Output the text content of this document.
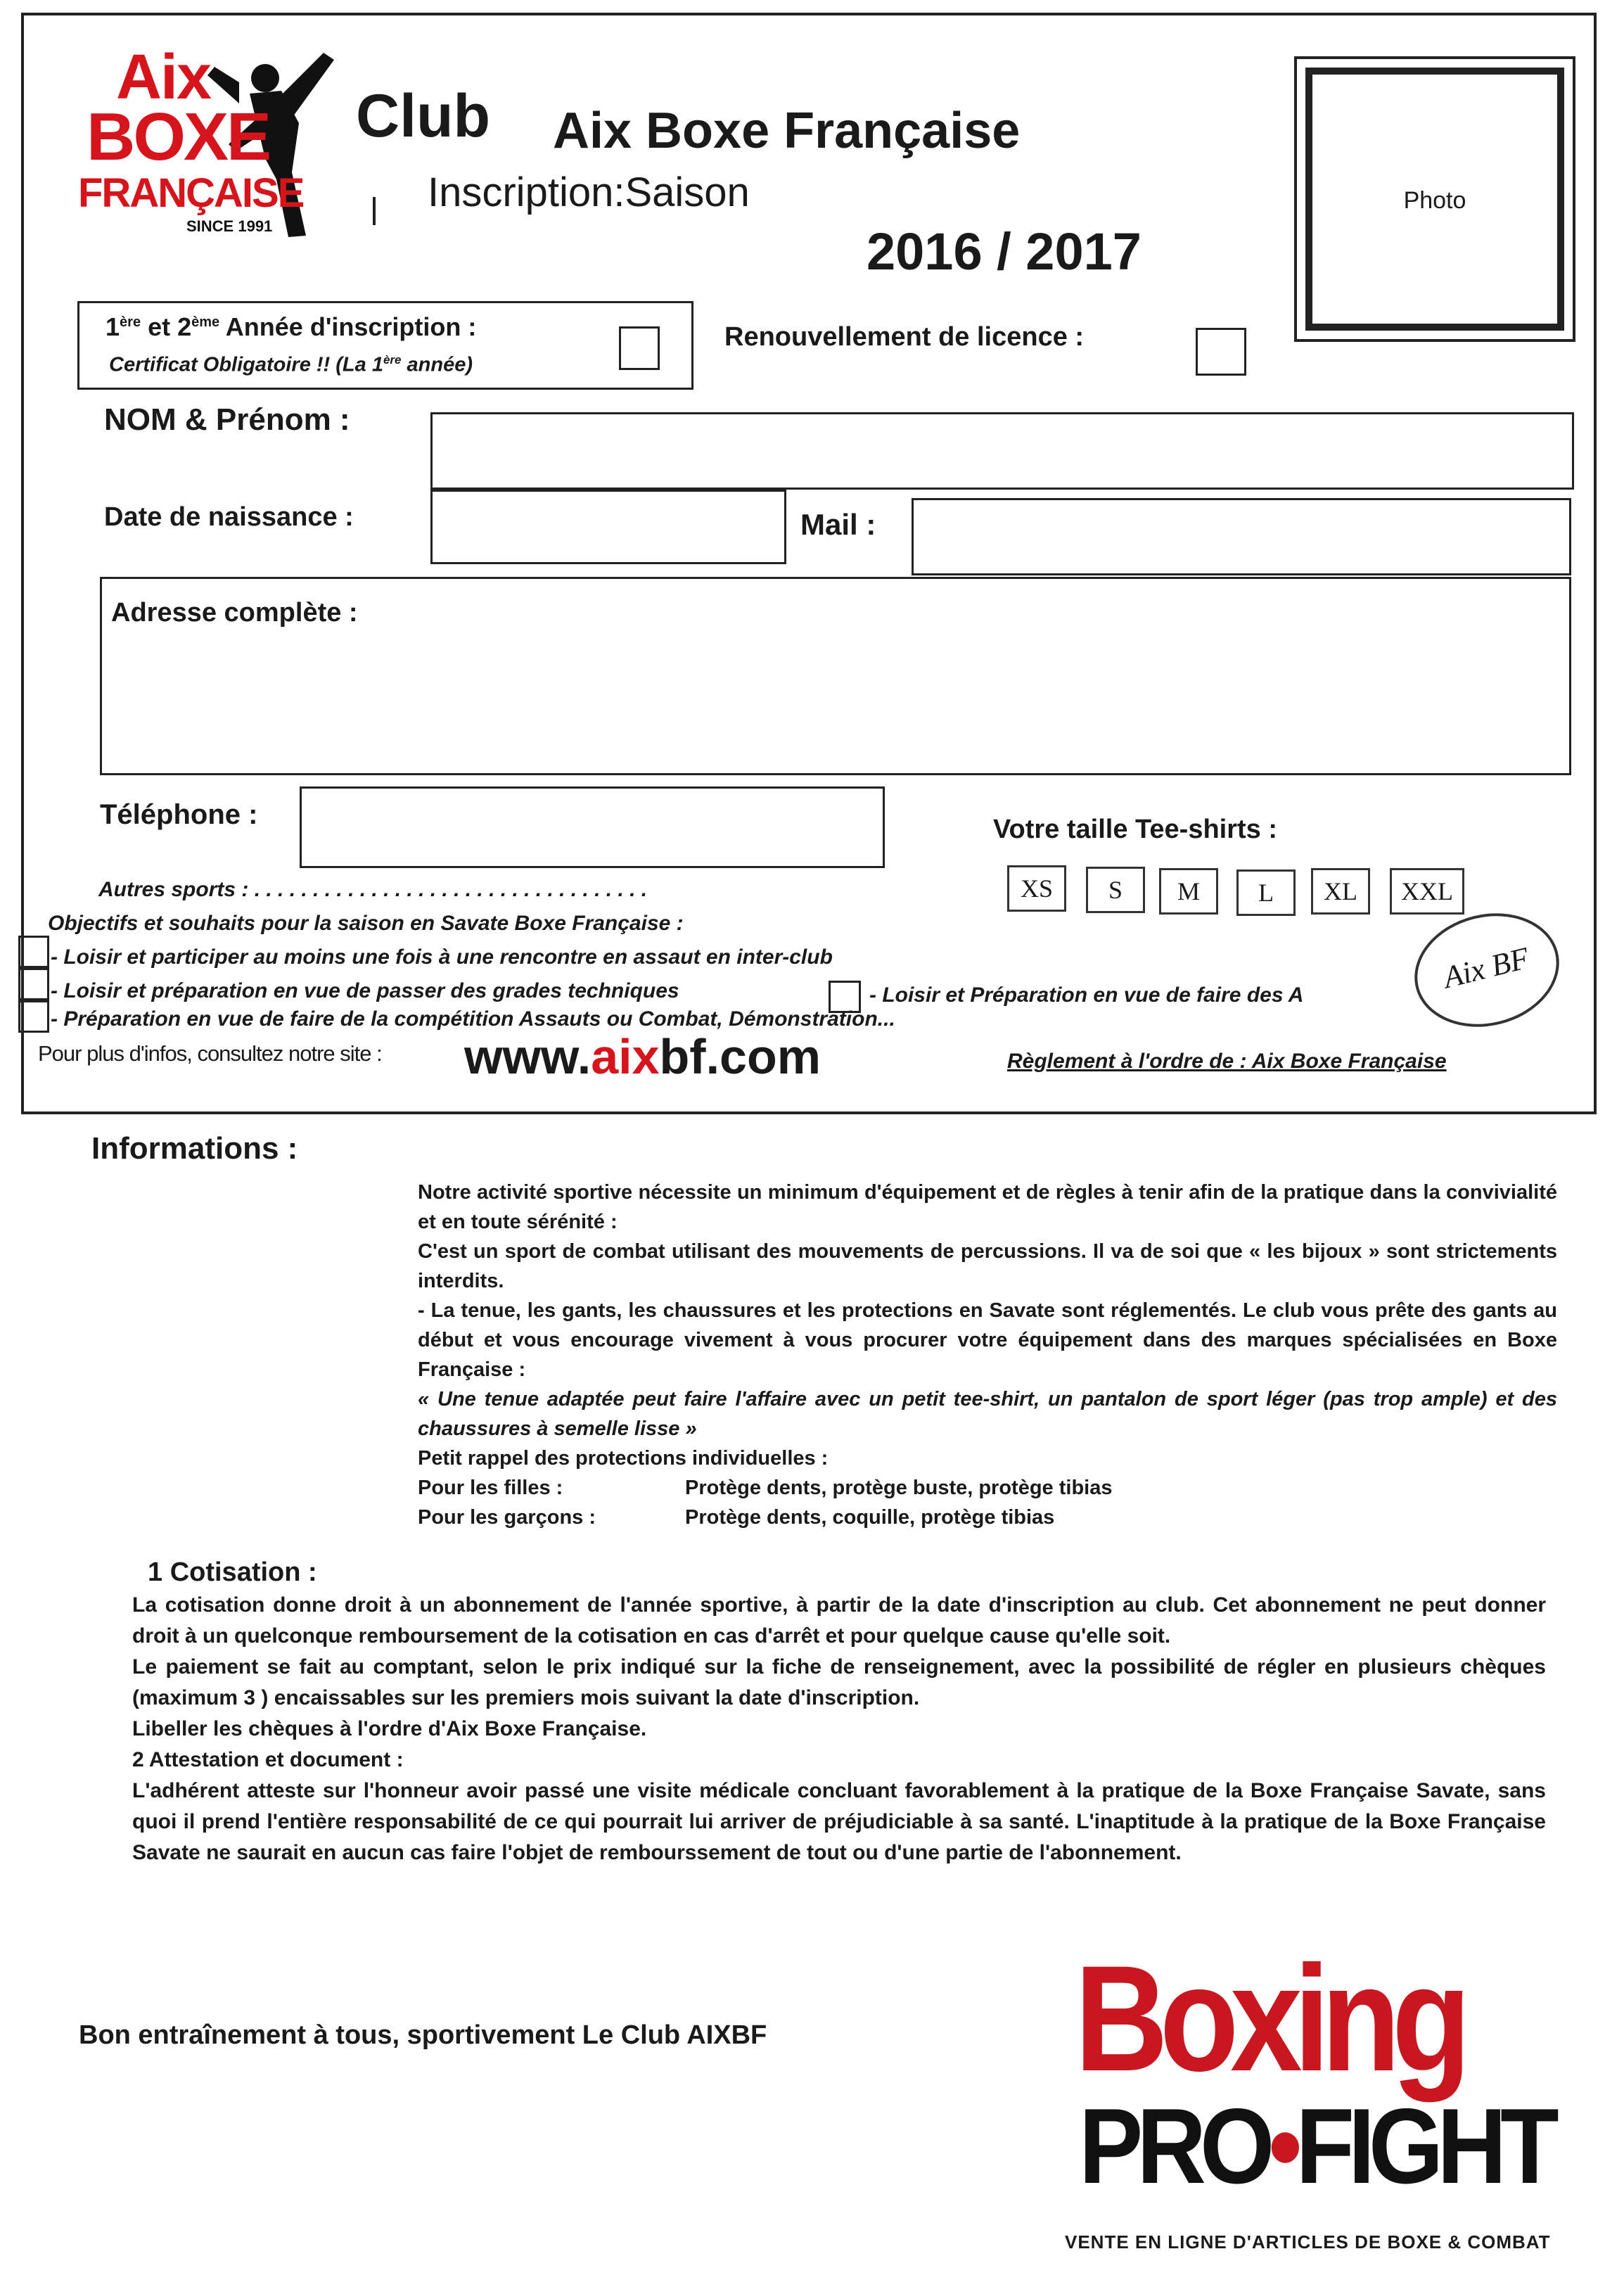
Aix
BOXE
FRANÇAISE
SINCE 1991
Club Aix Boxe Française
Inscription:Saison
2016 / 2017
Photo
1ère et 2ème Année d'inscription :
Certificat Obligatoire !! (La 1ère année)
Renouvellement de licence :
NOM & Prénom :
Date de naissance :	Mail :
Adresse complète :
Téléphone :	Votre taille Tee-shirts :
XS	S	M	L	XL	XXL
Autres sports : . . . . . . . . . . . . . . . . . . . . . . . . . . . . . . . . . .
Objectifs et souhaits pour la saison en Savate Boxe Française :
- Loisir et participer au moins une fois à une rencontre en assaut en inter-club
- Loisir et préparation en vue de passer des grades techniques	- Loisir et Préparation en vue de faire des A
- Préparation en vue de faire de la compétition Assauts ou Combat, Démonstration...
Aix BF
Pour plus d'infos, consultez notre site : www.aixbf.com	Règlement à l'ordre de : Aix Boxe Française
Informations :

Notre activité sportive nécessite un minimum d'équipement et de règles à tenir afin de la pratique dans la convivialité et en toute sérénité :

C'est un sport de combat utilisant des mouvements de percussions. Il va de soi que « les bijoux » sont strictements interdits.

- La tenue, les gants, les chaussures et les protections en Savate sont réglementés. Le club vous prête des gants au début et vous encourage vivement à vous procurer votre équipement dans des marques spécialisées en Boxe Française :

« Une tenue adaptée peut faire l'affaire avec un petit tee-shirt, un pantalon de sport léger (pas trop ample) et des chaussures à semelle lisse »

Petit rappel des protections individuelles :

Pour les filles :	Protège dents, protège buste, protège tibias
Pour les garçons :	Protège dents, coquille, protège tibias
1 Cotisation :

La cotisation donne droit à un abonnement de l'année sportive, à partir de la date d'inscription au club. Cet abonnement ne peut donner droit à un quelconque remboursement de la cotisation en cas d'arrêt et pour quelque cause qu'elle soit.

Le paiement se fait au comptant, selon le prix indiqué sur la fiche de renseignement, avec la possibilité de régler en plusieurs chèques (maximum 3 ) encaissables sur les premiers mois suivant la date d'inscription.

Libeller les chèques à l'ordre d'Aix Boxe Française.

2 Attestation et document :

L'adhérent atteste sur l'honneur avoir passé une visite médicale concluant favorablement à la pratique de la Boxe Française Savate, sans quoi il prend l'entière responsabilité de ce qui pourrait lui arriver de préjudiciable à sa santé. L'inaptitude à la pratique de la Boxe Française Savate ne saurait en aucun cas faire l'objet de rembourssement de tout ou d'une partie de l'abonnement.

Bon entraînement à tous, sportivement Le Club AIXBF Boxing
PRO•FIGHT
VENTE EN LIGNE D'ARTICLES DE BOXE & COMBAT
